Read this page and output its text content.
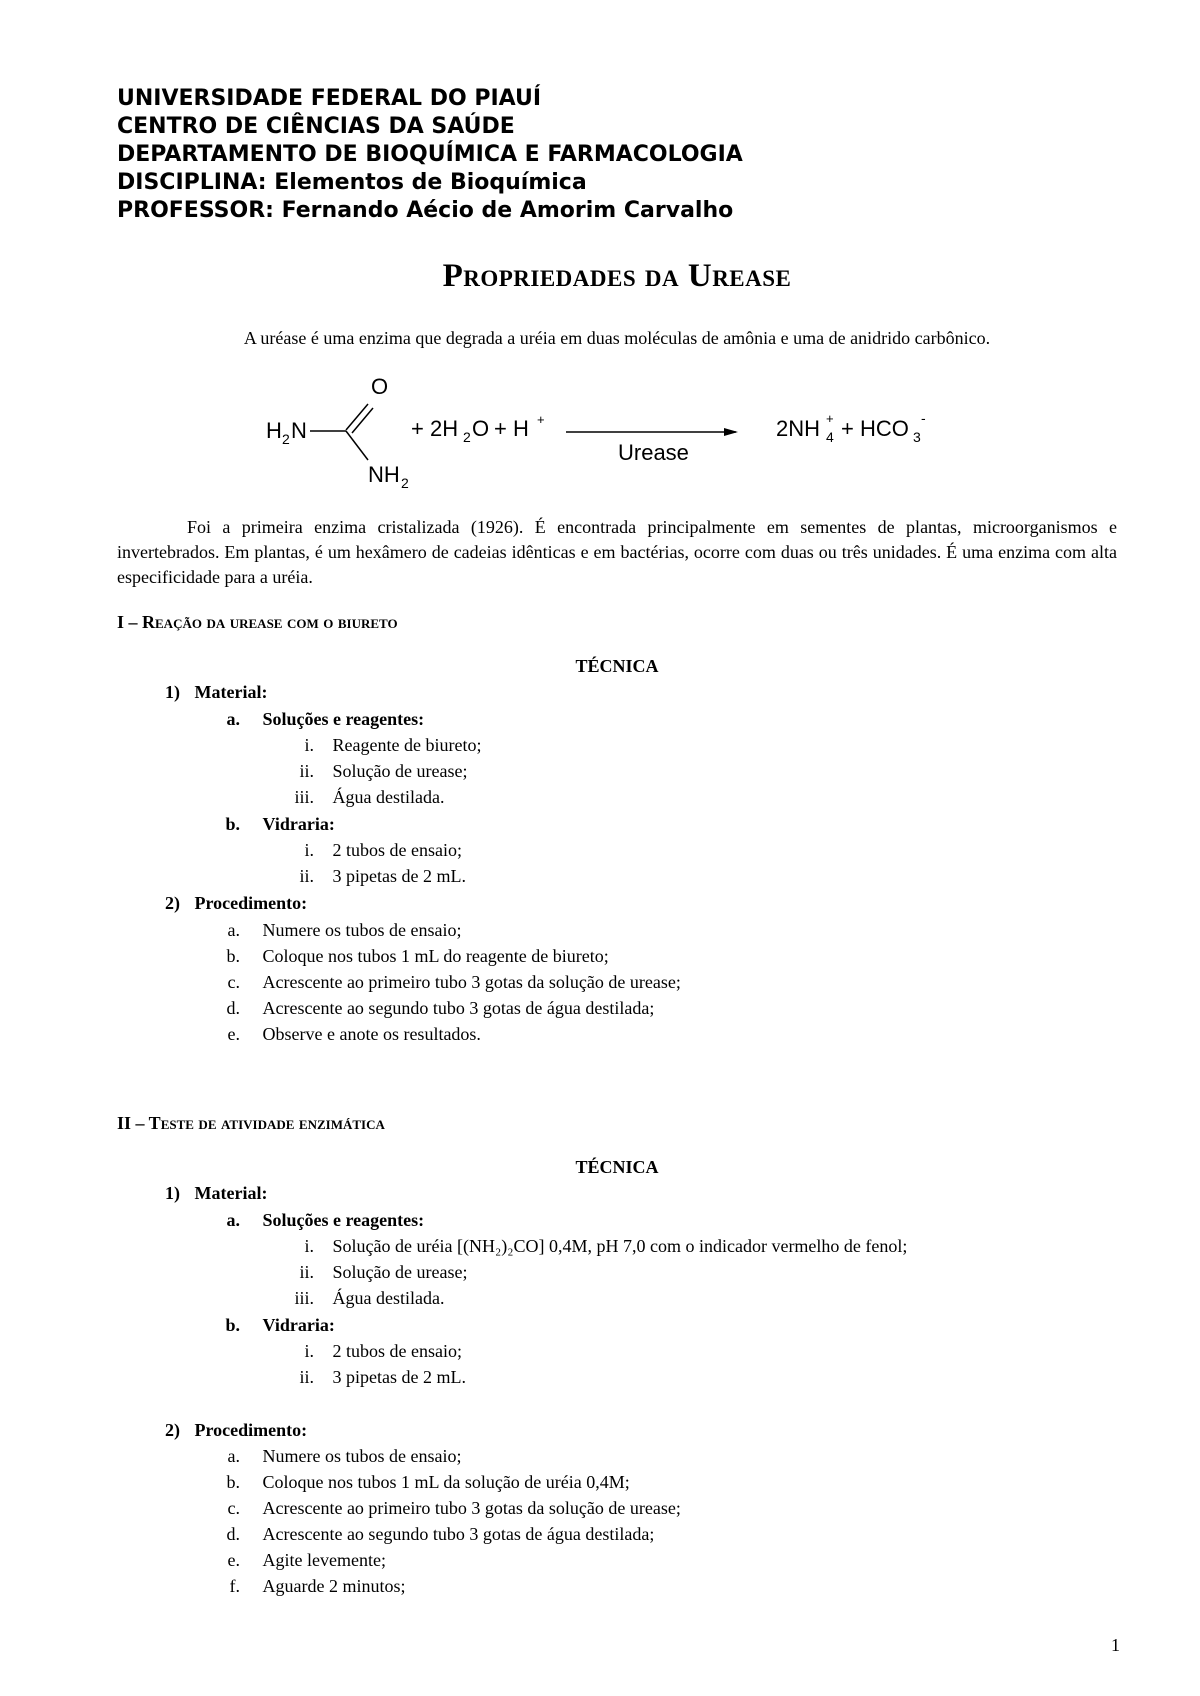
UNIVERSIDADE FEDERAL DO PIAUÍ
CENTRO DE CIÊNCIAS DA SAÚDE
DEPARTAMENTO DE BIOQUÍMICA E FARMACOLOGIA
DISCIPLINA: Elementos de Bioquímica
PROFESSOR: Fernando Aécio de Amorim Carvalho
Propriedades da Urease
A uréase é uma enzima que degrada a uréia em duas moléculas de amônia e uma de anidrido carbônico.
O
H 2 N
NH 2
+ 2H 2 O + H +
Urease
2NH 4
+ + HCO 3
-
Foi a primeira enzima cristalizada (1926). É encontrada principalmente em sementes de plantas, microorganismos e invertebrados. Em plantas, é um hexâmero de cadeias idênticas e em bactérias, ocorre com duas ou três unidades. É uma enzima com alta especificidade para a uréia.
I – Reação da urease com o biureto
TÉCNICA
1) Material:
a. Soluções e reagentes:
i. Reagente de biureto;
ii. Solução de urease;
iii. Água destilada.
b. Vidraria:
i. 2 tubos de ensaio;
ii. 3 pipetas de 2 mL.
2) Procedimento:
a. Numere os tubos de ensaio;
b. Coloque nos tubos 1 mL do reagente de biureto;
c. Acrescente ao primeiro tubo 3 gotas da solução de urease;
d. Acrescente ao segundo tubo 3 gotas de água destilada;
e. Observe e anote os resultados.
II – Teste de atividade enzimática
TÉCNICA
1) Material:
a. Soluções e reagentes:
i. Solução de uréia [(NH₂)₂CO] 0,4M, pH 7,0 com o indicador vermelho de fenol;
ii. Solução de urease;
iii. Água destilada.
b. Vidraria:
i. 2 tubos de ensaio;
ii. 3 pipetas de 2 mL.
2) Procedimento:
a. Numere os tubos de ensaio;
b. Coloque nos tubos 1 mL da solução de uréia 0,4M;
c. Acrescente ao primeiro tubo 3 gotas da solução de urease;
d. Acrescente ao segundo tubo 3 gotas de água destilada;
e. Agite levemente;
f. Aguarde 2 minutos;
1
